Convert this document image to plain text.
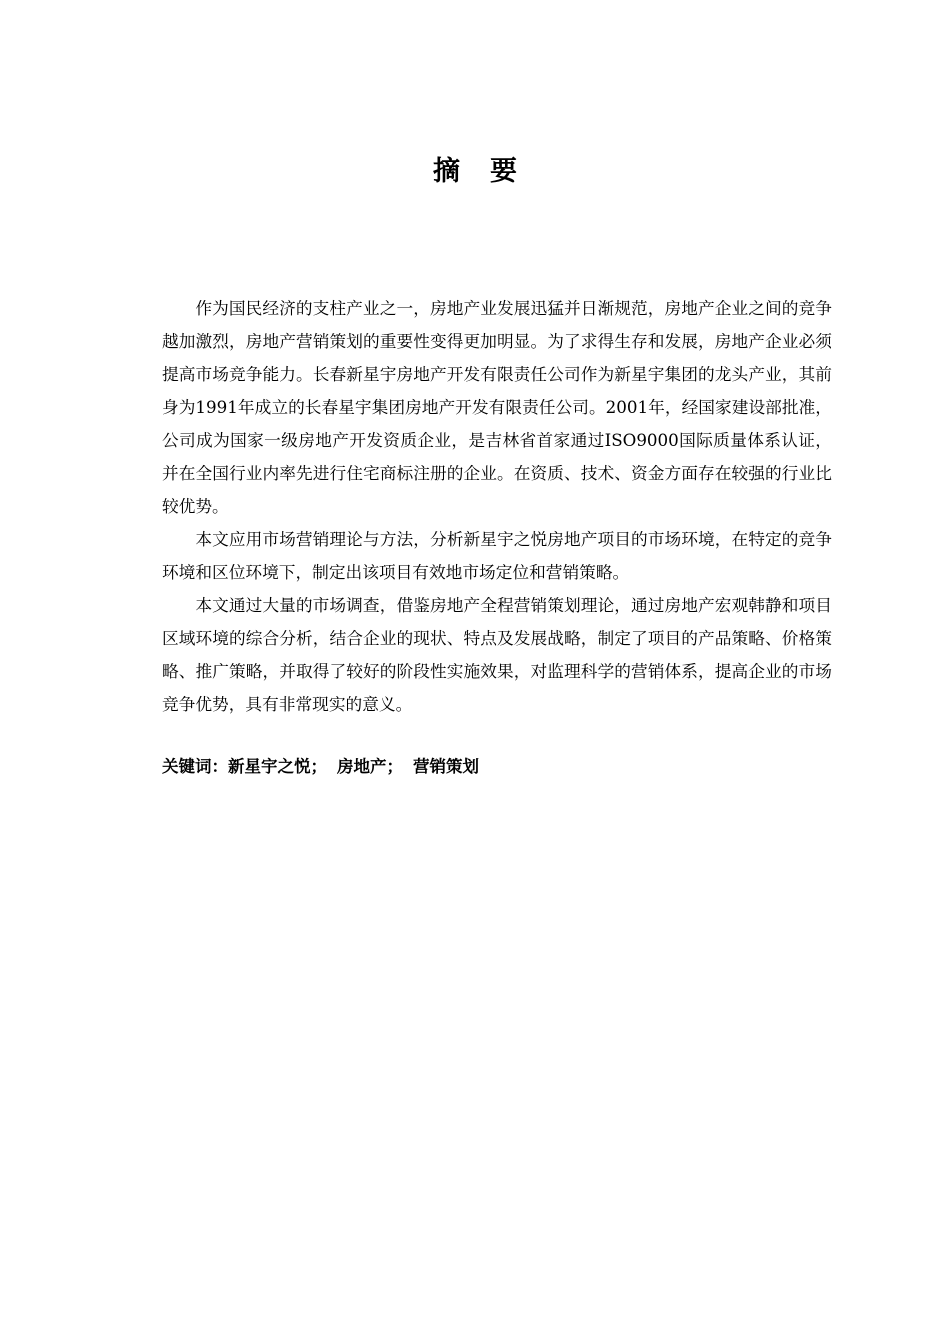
摘 要

作为国民经济的支柱产业之一，房地产业发展迅猛并日渐规范，房地产企业之间的竞争越加激烈，房地产营销策划的重要性变得更加明显。为了求得生存和发展，房地产企业必须提高市场竞争能力。长春新星宇房地产开发有限责任公司作为新星宇集团的龙头产业，其前身为1991年成立的长春星宇集团房地产开发有限责任公司。2001年，经国家建设部批准，公司成为国家一级房地产开发资质企业，是吉林省首家通过ISO9000国际质量体系认证，并在全国行业内率先进行住宅商标注册的企业。在资质、技术、资金方面存在较强的行业比较优势。

本文应用市场营销理论与方法，分析新星宇之悦房地产项目的市场环境，在特定的竞争环境和区位环境下，制定出该项目有效地市场定位和营销策略。

本文通过大量的市场调查，借鉴房地产全程营销策划理论，通过房地产宏观韩静和项目区域环境的综合分析，结合企业的现状、特点及发展战略，制定了项目的产品策略、价格策略、推广策略，并取得了较好的阶段性实施效果，对监理科学的营销体系，提高企业的市场竞争优势，具有非常现实的意义。

关键词：新星宇之悦； 房地产； 营销策划
